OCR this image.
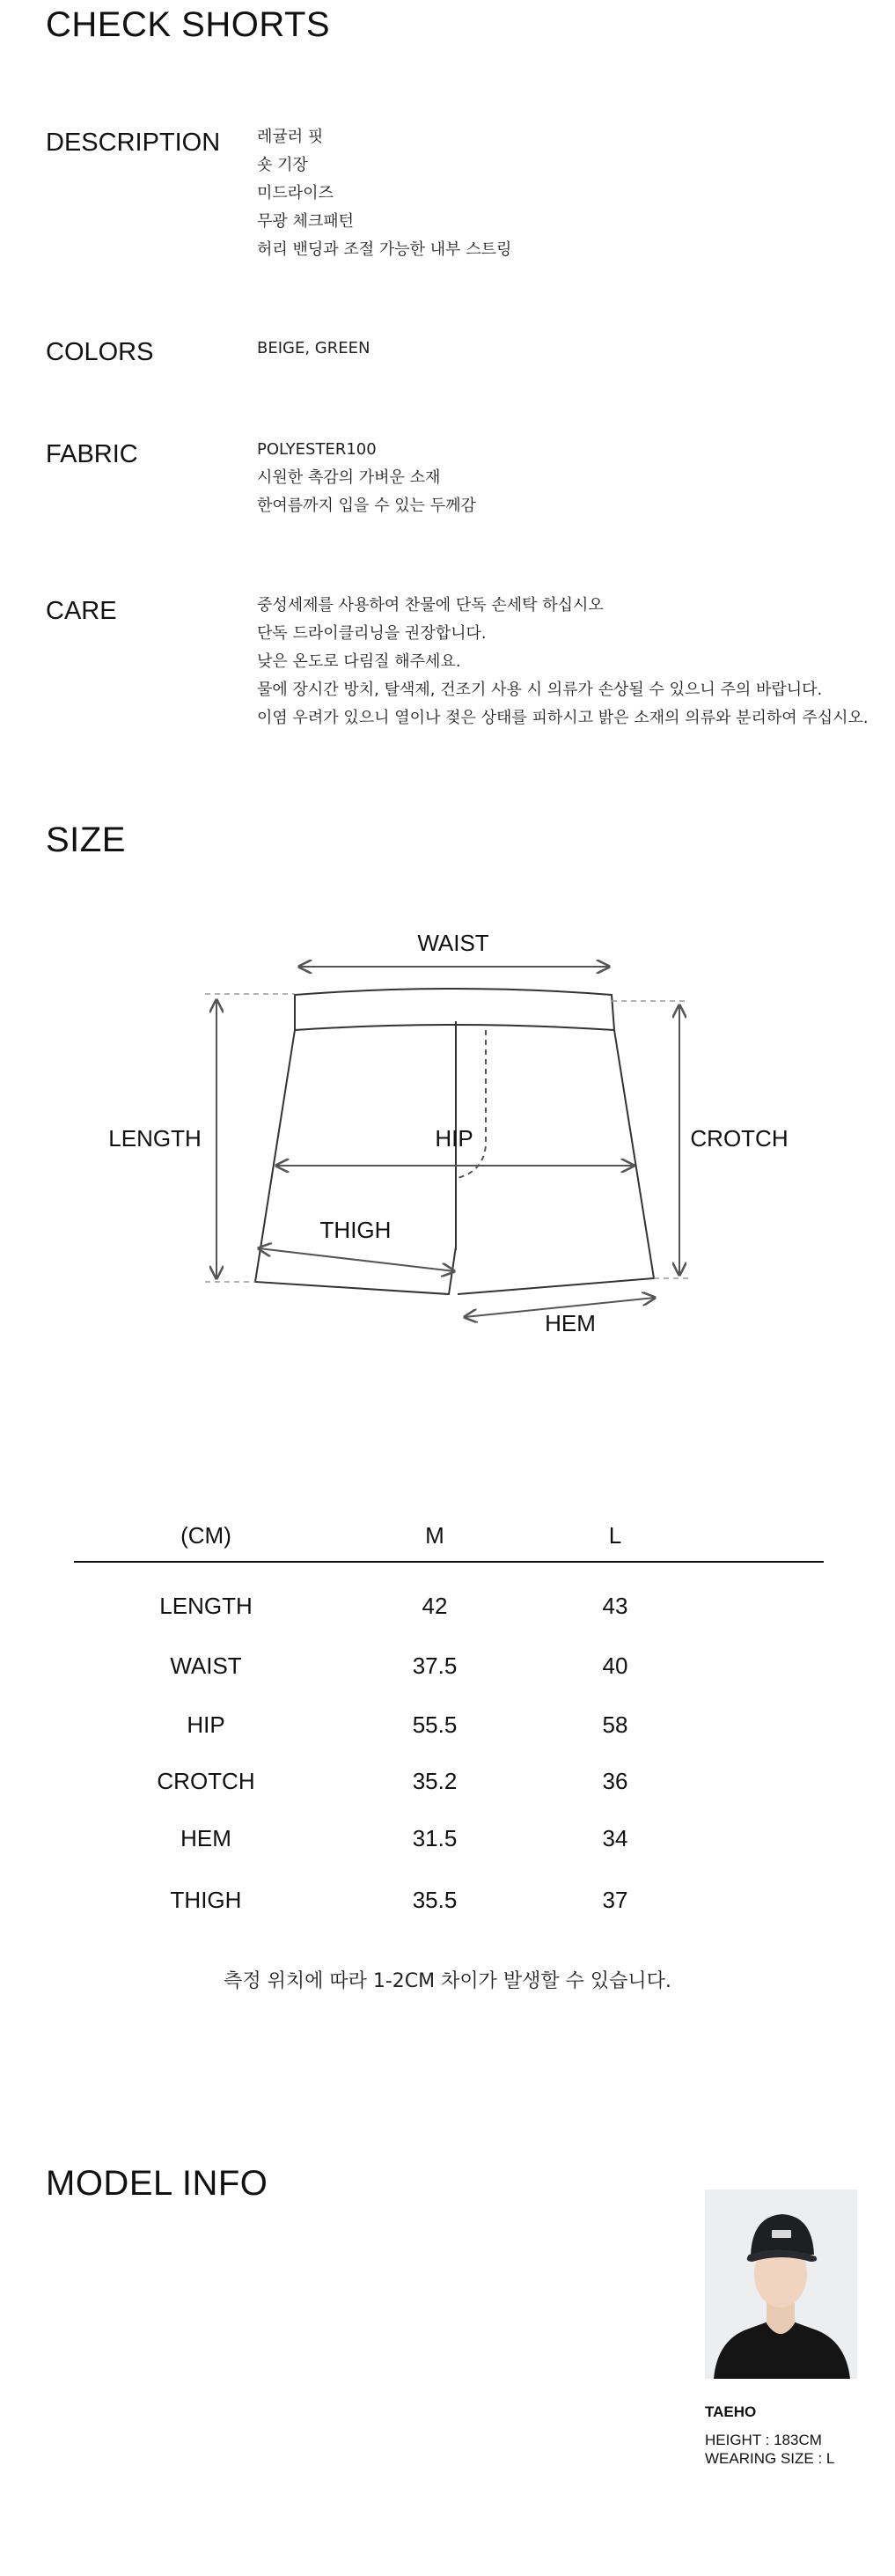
CHECK SHORTS
DESCRIPTION 레귤러 핏
숏 기장
미드라이즈
무광 체크패턴
허리 밴딩과 조절 가능한 내부 스트링
COLORS	BEIGE, GREEN
FABRIC	POLYESTER100
시원한 촉감의 가벼운 소재
한여름까지 입을 수 있는 두께감
CARE	중성세제를 사용하여 찬물에 단독 손세탁 하십시오
단독 드라이클리닝을 권장합니다.
낮은 온도로 다림질 해주세요.
물에 장시간 방치, 탈색제, 건조기 사용 시 의류가 손상될 수 있으니 주의 바랍니다.
이염 우려가 있으니 열이나 젖은 상태를 피하시고 밝은 소재의 의류와 분리하여 주십시오.
SIZE
WAIST
LENGTH	CROTCH
HIP
THIGH
HEM
(CM)	M	L
LENGTH	42	43
WAIST	37.5	40
HIP	55.5	58
CROTCH	35.2	36
HEM	31.5	34
THIGH	35.5	37
측정 위치에 따라 1-2CM 차이가 발생할 수 있습니다.
MODEL INFO
TAEHO
HEIGHT : 183CM
WEARING SIZE : L
